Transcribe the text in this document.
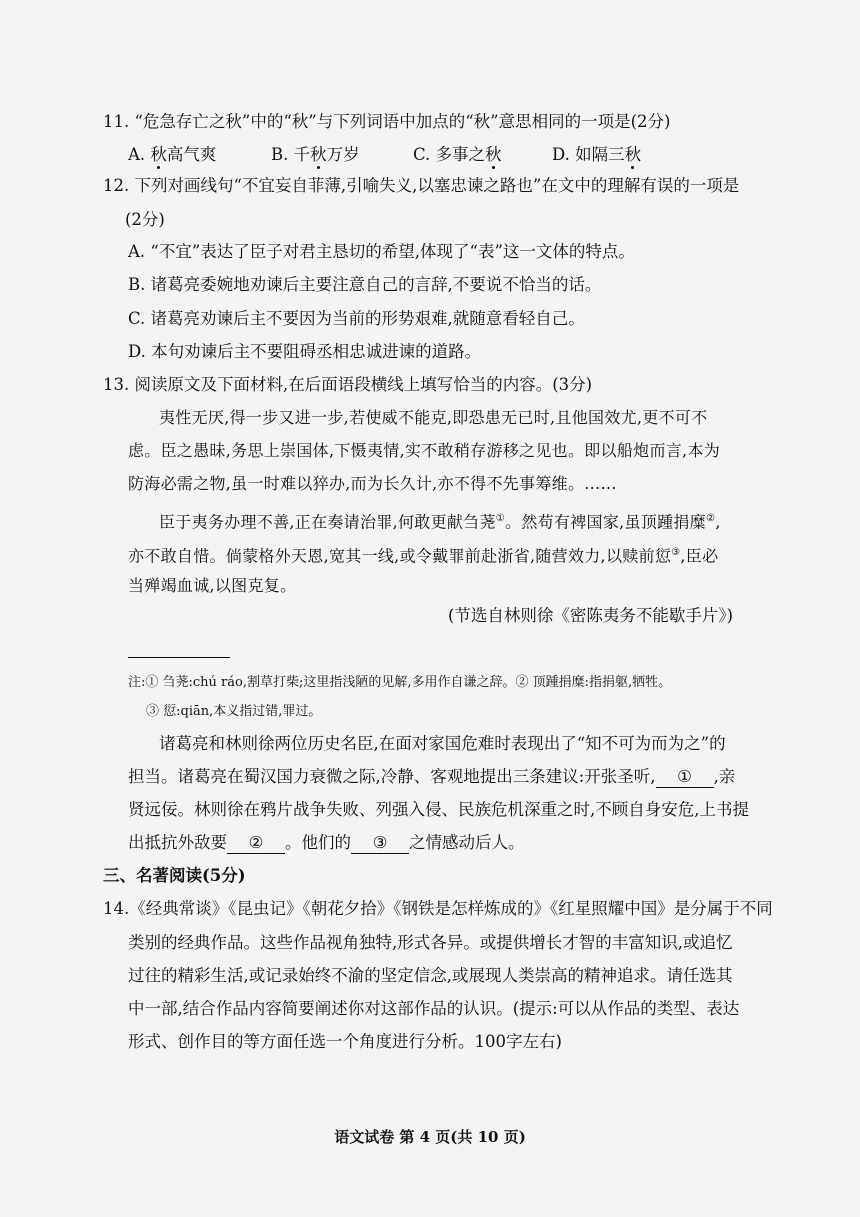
11. “危急存亡之秋”中的“秋”与下列词语中加点的“秋”意思相同的一项是(2分)
A. 秋高气爽	B. 千秋万岁	C. 多事之秋	D. 如隔三秋
12. 下列对画线句“不宜妄自菲薄,引喻失义,以塞忠谏之路也”在文中的理解有误的一项是
(2分)
A. “不宜”表达了臣子对君主恳切的希望,体现了“表”这一文体的特点。
B. 诸葛亮委婉地劝谏后主要注意自己的言辞,不要说不恰当的话。
C. 诸葛亮劝谏后主不要因为当前的形势艰难,就随意看轻自己。
D. 本句劝谏后主不要阻碍丞相忠诚进谏的道路。
13. 阅读原文及下面材料,在后面语段横线上填写恰当的内容。(3分)
夷性无厌,得一步又进一步,若使威不能克,即恐患无已时,且他国效尤,更不可不
虑。臣之愚昧,务思上崇国体,下慑夷情,实不敢稍存游移之见也。即以船炮而言,本为
防海必需之物,虽一时难以猝办,而为长久计,亦不得不先事筹维。……
臣于夷务办理不善,正在奏请治罪,何敢更献刍荛①。然苟有裨国家,虽顶踵捐糜②,
亦不敢自惜。倘蒙格外天恩,宽其一线,或令戴罪前赴浙省,随营效力,以赎前愆③,臣必
当殚竭血诚,以图克复。
(节选自林则徐《密陈夷务不能歇手片》)
注:① 刍荛:chú ráo,割草打柴;这里指浅陋的见解,多用作自谦之辞。② 顶踵捐糜:指捐躯,牺牲。
③ 愆:qiān,本义指过错,罪过。
诸葛亮和林则徐两位历史名臣,在面对家国危难时表现出了“知不可为而为之”的
担当。诸葛亮在蜀汉国力衰微之际,冷静、客观地提出三条建议:开张圣听, ① ,亲
贤远佞。林则徐在鸦片战争失败、列强入侵、民族危机深重之时,不顾自身安危,上书提
出抵抗外敌要 ② 。他们的 ③ 之情感动后人。
三、名著阅读(5分)
14.《经典常谈》《昆虫记》《朝花夕拾》《钢铁是怎样炼成的》《红星照耀中国》是分属于不同
类别的经典作品。这些作品视角独特,形式各异。或提供增长才智的丰富知识,或追忆
过往的精彩生活,或记录始终不渝的坚定信念,或展现人类崇高的精神追求。请任选其
中一部,结合作品内容简要阐述你对这部作品的认识。(提示:可以从作品的类型、表达
形式、创作目的等方面任选一个角度进行分析。100字左右)
语文试卷 第 4 页(共 10 页)
